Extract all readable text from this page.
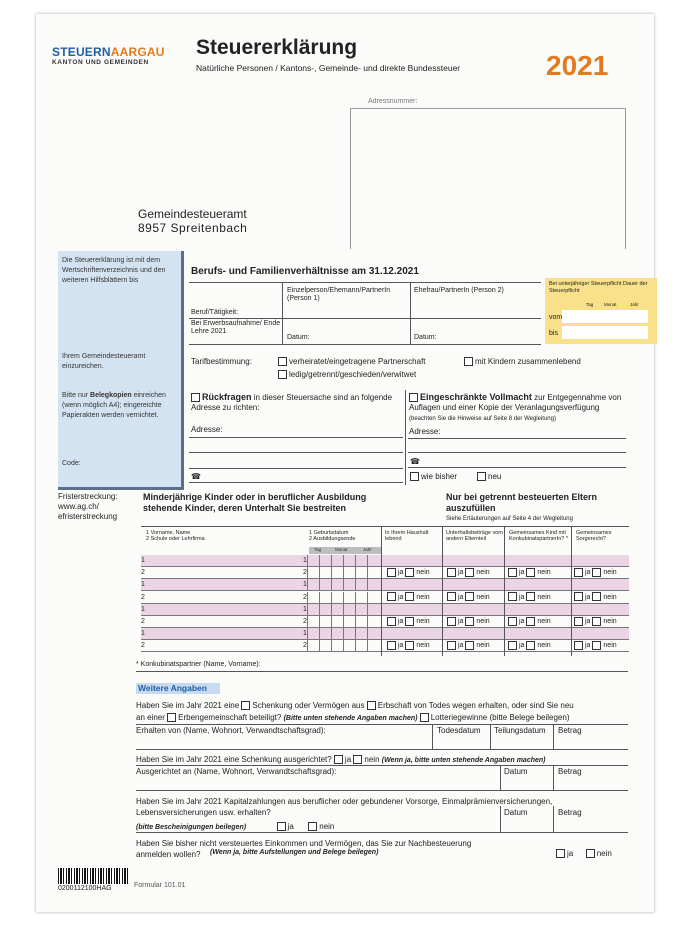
STEUERNAARGAU
KANTON UND GEMEINDEN
Steuererklärung
Natürliche Personen / Kantons-, Gemeinde- und direkte Bundessteuer	2021
Adressnummer:
Gemeindesteueramt
8957 Spreitenbach
Die Steuererklärung ist mit dem Wertschriftenverzeichnis und den weiteren Hilfsblättern bis
Ihrem Gemeindesteueramt einzureichen.
Bitte nur Belegkopien einreichen (wenn möglich A4); eingereichte Papierakten werden vernichtet.
Code:
Fristerstreckung:
www.ag.ch/
efristerstreckung
Berufs- und Familienverhältnisse am 31.12.2021
Einzelperson/Ehemann/PartnerIn (Person 1)
Ehefrau/PartnerIn (Person 2)
Beruf/Tätigkeit:
Bei Erwerbsaufnahme/ Ende Lehre 2021
Datum:	Datum:
Bei unterjähriger Steuerpflicht Dauer der Steuerpflicht
Tag Monat	Jahr
vom
bis
Tarifbestimmung:	verheiratet/eingetragene Partnerschaft	mit Kindern zusammenlebend
ledig/getrennt/geschieden/verwitwet
Rückfragen in dieser Steuersache sind an folgende Adresse zu richten:
Adresse:
☎
Eingeschränkte Vollmacht zur Entgegennahme von Auflagen und einer Kopie der Veranlagungsverfügung
(beachten Sie die Hinweise auf Seite 8 der Wegleitung)
Adresse:
☎
wie bisher	neu
Minderjährige Kinder oder in beruflicher Ausbildung stehende Kinder, deren Unterhalt Sie bestreiten
Nur bei getrennt besteuerten Eltern auszufüllen
Siehe Erläuterungen auf Seite 4 der Wegleitung
1 Vorname, Name
2 Schule oder Lehrfirma
1 Geburtsdatum
2 Ausbildungsende
In Ihrem Haushalt lebend
Unterhaltsbeiträge vom andern Elternteil
Gemeinsames Kind mit KonkubinatspartnerIn? *
Gemeinsames Sorgerecht?
Tag	Monat	Jahr
1	1
2	2	ja nein	ja nein	ja nein	ja nein
1	1
2	2	ja nein	ja nein	ja nein	ja nein
1	1
2	2	ja nein	ja nein	ja nein	ja nein
1	1
2	2	ja nein	ja nein	ja nein	ja nein
* Konkubinatspartner (Name, Vorname):
Weitere Angaben
Haben Sie im Jahr 2021 eine Schenkung oder Vermögen aus Erbschaft von Todes wegen erhalten, oder sind Sie neu
an einer Erbengemeinschaft beteiligt? (Bitte unten stehende Angaben machen) Lotteriegewinne (bitte Belege beilegen)
Erhalten von (Name, Wohnort, Verwandtschaftsgrad):	Todesdatum Teilungsdatum Betrag
Haben Sie im Jahr 2021 eine Schenkung ausgerichtet? ja nein (Wenn ja, bitte unten stehende Angaben machen)
Ausgerichtet an (Name, Wohnort, Verwandtschaftsgrad):	Datum	Betrag
Haben Sie im Jahr 2021 Kapitalzahlungen aus beruflicher oder gebundener Vorsorge, Einmalprämienversicherungen, Lebensversicherungen usw. erhalten?
(bitte Bescheinigungen beilegen)	ja	nein
Datum	Betrag
Haben Sie bisher nicht versteuertes Einkommen und Vermögen, das Sie zur Nachbesteuerung anmelden wollen?	(Wenn ja, bitte Aufstellungen und Belege beilegen)	ja	nein
0200112100HAG	Formular 101.01
